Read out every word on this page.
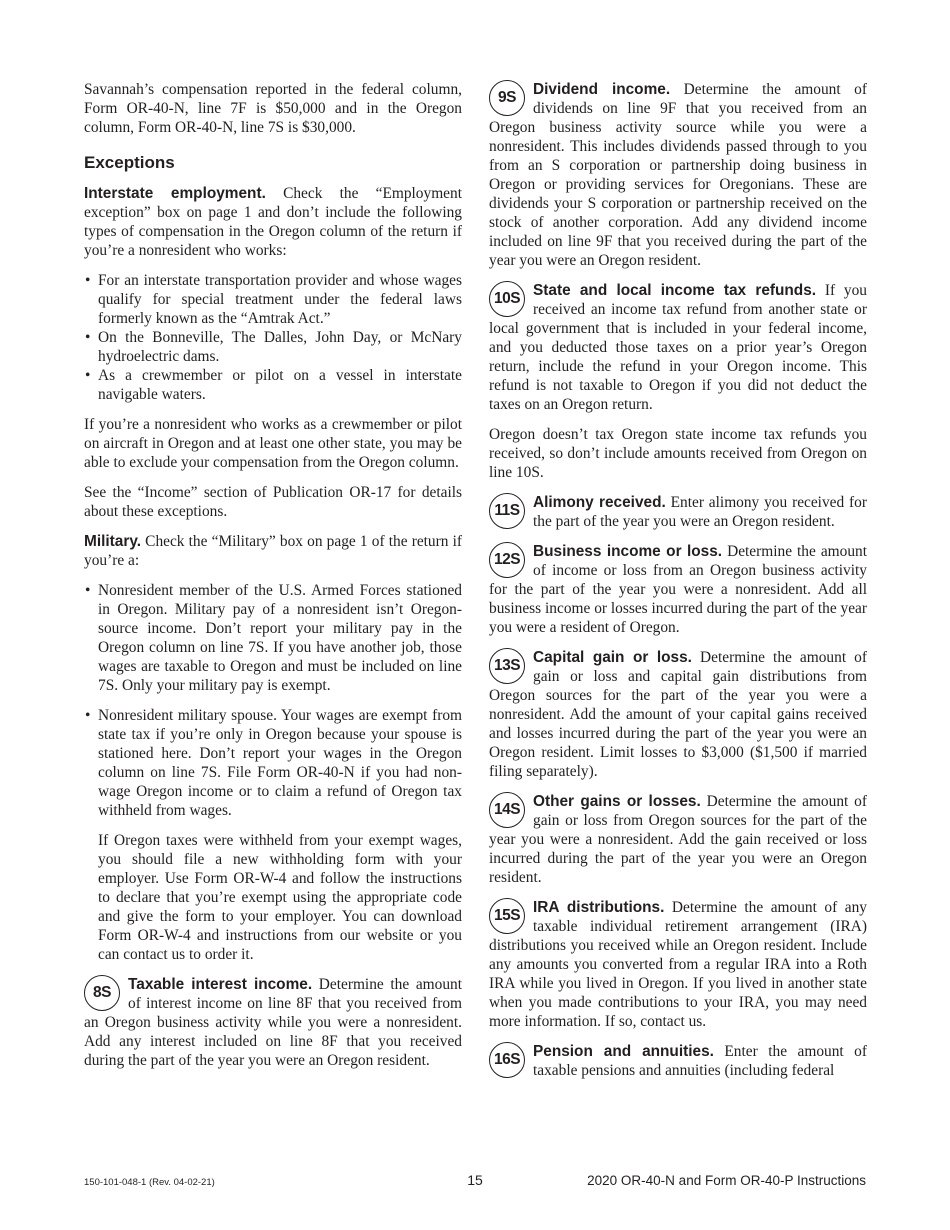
Savannah’s compensation reported in the federal column, Form OR-40-N, line 7F is $50,000 and in the Oregon column, Form OR-40-N, line 7S is $30,000.

Exceptions

Interstate employment. Check the “Employment exception” box on page 1 and don’t include the following types of compensation in the Oregon column of the return if you’re a nonresident who works:

• For an interstate transportation provider and whose wages qualify for special treatment under the federal laws formerly known as the “Amtrak Act.”
• On the Bonneville, The Dalles, John Day, or McNary hydroelectric dams.
• As a crewmember or pilot on a vessel in interstate navigable waters.

If you’re a nonresident who works as a crewmember or pilot on aircraft in Oregon and at least one other state, you may be able to exclude your compensation from the Oregon column.

See the “Income” section of Publication OR-17 for details about these exceptions.

Military. Check the “Military” box on page 1 of the return if you’re a:

• Nonresident member of the U.S. Armed Forces stationed in Oregon. Military pay of a nonresident isn’t Oregon-source income. Don’t report your military pay in the Oregon column on line 7S. If you have another job, those wages are taxable to Oregon and must be included on line 7S. Only your military pay is exempt.
• Nonresident military spouse. Your wages are exempt from state tax if you’re only in Oregon because your spouse is stationed here. Don’t report your wages in the Oregon column on line 7S. File Form OR-40-N if you had non-wage Oregon income or to claim a refund of Oregon tax withheld from wages.

If Oregon taxes were withheld from your exempt wages, you should file a new withholding form with your employer. Use Form OR-W-4 and follow the instructions to declare that you’re exempt using the appropriate code and give the form to your employer. You can download Form OR-W-4 and instructions from our website or you can contact us to order it.

8S	Taxable interest income. Determine the amount of interest income on line 8F that you received from an Oregon business activity while you were a nonresident. Add any interest included on line 8F that you received during the part of the year you were an Oregon resident.

9S	Dividend income. Determine the amount of dividends on line 9F that you received from an Oregon business activity source while you were a nonresident. This includes dividends passed through to you from an S corporation or partnership doing business in Oregon or providing services for Oregonians. These are dividends your S corporation or partnership received on the stock of another corporation. Add any dividend income included on line 9F that you received during the part of the year you were an Oregon resident.

10S State and local income tax refunds. If you received an income tax refund from another state or local government that is included in your federal income, and you deducted those taxes on a prior year’s Oregon return, include the refund in your Oregon income. This refund is not taxable to Oregon if you did not deduct the taxes on an Oregon return.

Oregon doesn’t tax Oregon state income tax refunds you received, so don’t include amounts received from Oregon on line 10S.

11S Alimony received. Enter alimony you received for the part of the year you were an Oregon resident.

12S Business income or loss. Determine the amount of income or loss from an Oregon business activity for the part of the year you were a nonresident. Add all business income or losses incurred during the part of the year you were a resident of Oregon.

13S Capital gain or loss. Determine the amount of gain or loss and capital gain distributions from Oregon sources for the part of the year you were a nonresident. Add the amount of your capital gains received and losses incurred during the part of the year you were an Oregon resident. Limit losses to $3,000 ($1,500 if married filing separately).

14S Other gains or losses. Determine the amount of gain or loss from Oregon sources for the part of the year you were a nonresident. Add the gain received or loss incurred during the part of the year you were an Oregon resident.

15S IRA distributions. Determine the amount of any taxable individual retirement arrangement (IRA) distributions you received while an Oregon resident. Include any amounts you converted from a regular IRA into a Roth IRA while you lived in Oregon. If you lived in another state when you made contributions to your IRA, you may need more information. If so, contact us.

16S Pension and annuities. Enter the amount of taxable pensions and annuities (including federal

150-101-048-1 (Rev. 04-02-21)	15	2020 OR-40-N and Form OR-40-P Instructions
